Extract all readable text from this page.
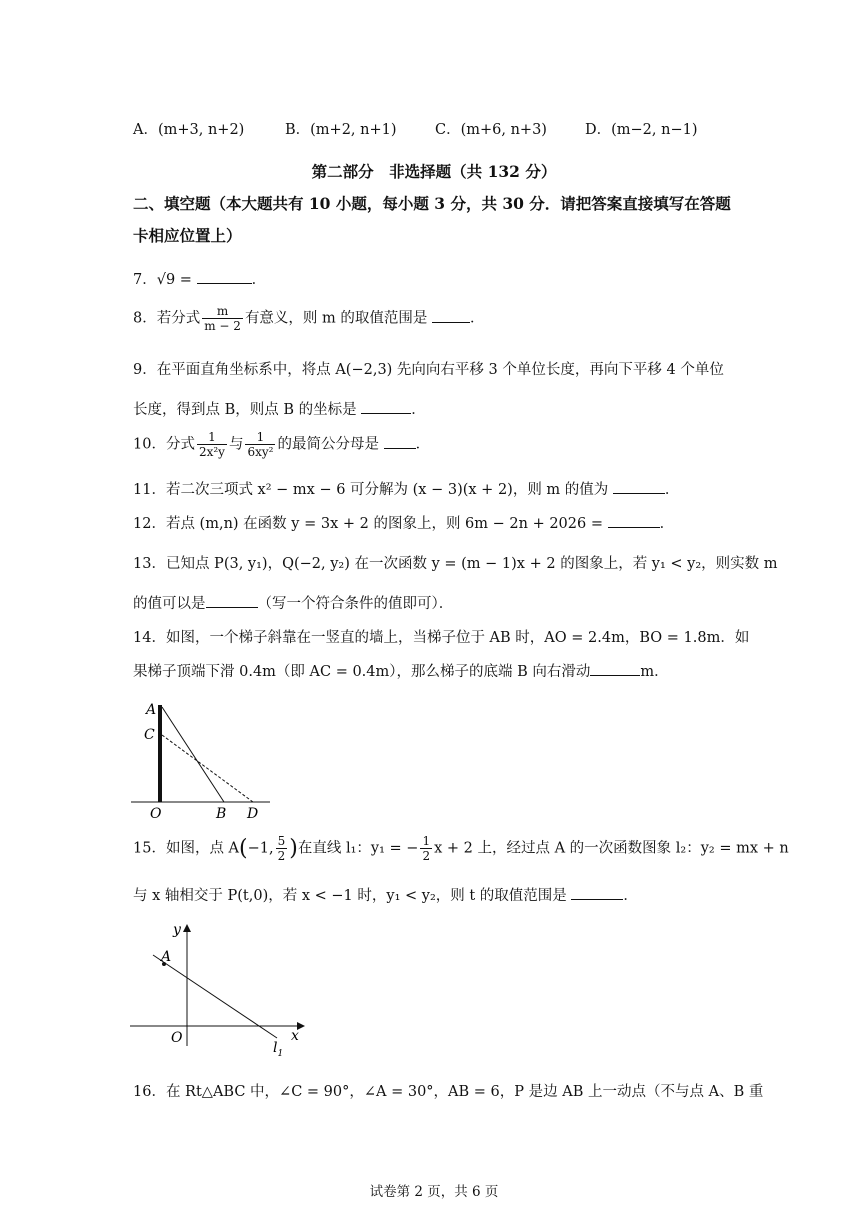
A．(m+3, n+2)	B．(m+2, n+1)	C．(m+6, n+3)	D．(m−2, n−1)
第二部分　非选择题（共 132 分）
二、填空题（本大题共有 10 小题，每小题 3 分，共 30 分．请把答案直接填写在答题卡相应位置上）
7．√9 =	．
8．若分式 $\frac{m}{m - 2}$ 有意义，则 m 的取值范围是	．
9．在平面直角坐标系中，将点 A(−2,3) 先向向右平移 3 个单位长度，再向下平移 4 个单位
长度，得到点 B，则点 B 的坐标是	．
10．分式 $\frac{1}{\text{2x²y}}$ 与 $\frac{1}{\text{6xy²}}$ 的最简公分母是	．
11．若二次三项式 x² − mx − 6 可分解为 (x − 3)(x + 2)，则 m 的值为	．
12．若点 (m,n) 在函数 y = 3x + 2 的图象上，则 6m − 2n + 2026 =	．
13．已知点 P(3, y₁)，Q(−2, y₂) 在一次函数 y = (m − 1)x + 2 的图象上，若 y₁ < y₂，则实数 m
的值可以是	（写一个符合条件的值即可）．
14．如图，一个梯子斜靠在一竖直的墙上，当梯子位于 AB 时，AO = 2.4m，BO = 1.8m．如
果梯子顶端下滑 0.4m（即 AC = 0.4m），那么梯子的底端 B 向右滑动	m．
A
C
O	B D
15．如图，点 A(−1, $\frac{5}{2}$ )在直线 l₁：y₁ = − $\frac{1}{2}$ x + 2 上，经过点 A 的一次函数图象 l₂：y₂ = mx + n
与 x 轴相交于 P(t,0)，若 x < −1 时，y₁ < y₂，则 t 的取值范围是	．
y
x
A
O
$l_1$
16．在 Rt△ABC 中，∠C = 90°，∠A = 30°，AB = 6，P 是边 AB 上一动点（不与点 A、B 重
试卷第 2 页，共 6 页
